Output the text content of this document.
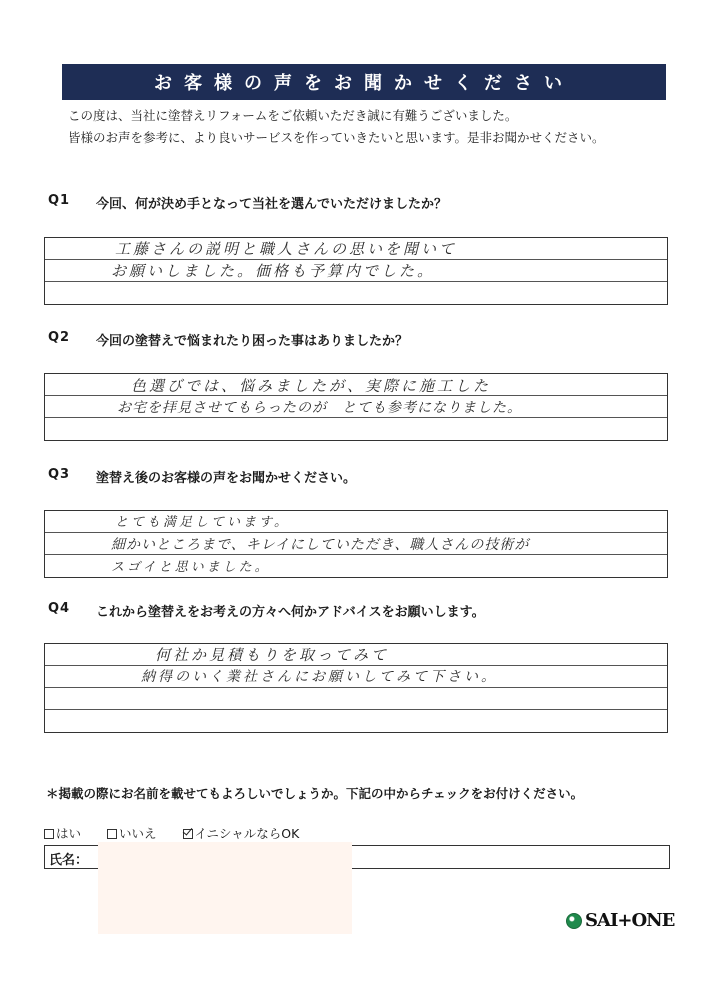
お客様の声をお聞かせください
この度は、当社に塗替えリフォームをご依頼いただき誠に有難うございました。
皆様のお声を参考に、より良いサービスを作っていきたいと思います。是非お聞かせください。
Q1	今回、何が決め手となって当社を選んでいただけましたか？
工藤さんの説明と職人さんの思いを聞いて
お願いしました。価格も予算内でした。
Q2	今回の塗替えで悩まれたり困った事はありましたか？
色選びでは、悩みましたが、実際に施工した
お宅を拝見させてもらったのが　とても参考になりました。
Q3	塗替え後のお客様の声をお聞かせください。
とても満足しています。
細かいところまで、キレイにしていただき、職人さんの技術が
スゴイと思いました。
Q4	これから塗替えをお考えの方々へ何かアドバイスをお願いします。
何社か見積もりを取ってみて
納得のいく業社さんにお願いしてみて下さい。
＊掲載の際にお名前を載せてもよろしいでしょうか。下記の中からチェックをお付けください。
はい	いいえ	イニシャルならOK
氏名：
SAI+ONE
